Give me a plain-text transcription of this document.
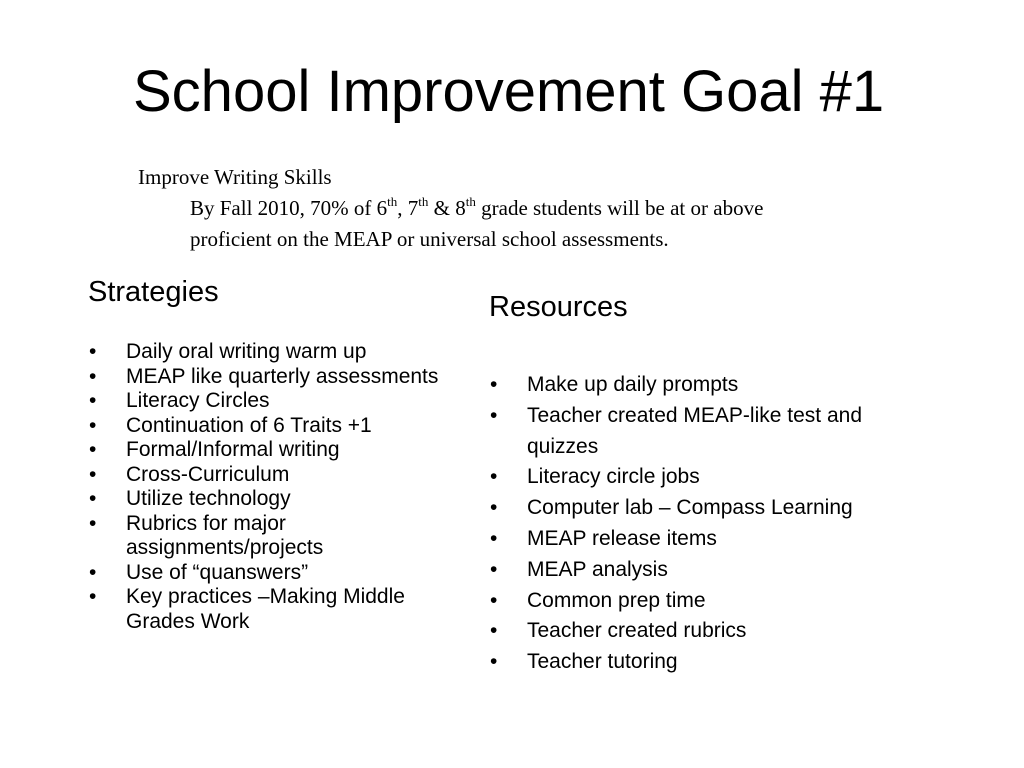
School Improvement Goal #1
Improve Writing Skills
By Fall 2010, 70% of 6th, 7th & 8th grade students will be at or above
proficient on the MEAP or universal school assessments.
Strategies
• Daily oral writing warm up
• MEAP like quarterly assessments
• Literacy Circles
• Continuation of 6 Traits +1
• Formal/Informal writing
• Cross-Curriculum
• Utilize technology
• Rubrics for major assignments/projects
• Use of “quanswers”
• Key practices –Making Middle Grades Work
Resources
• Make up daily prompts
• Teacher created MEAP-like test and quizzes
• Literacy circle jobs
• Computer lab – Compass Learning
• MEAP release items
• MEAP analysis
• Common prep time
• Teacher created rubrics
• Teacher tutoring
